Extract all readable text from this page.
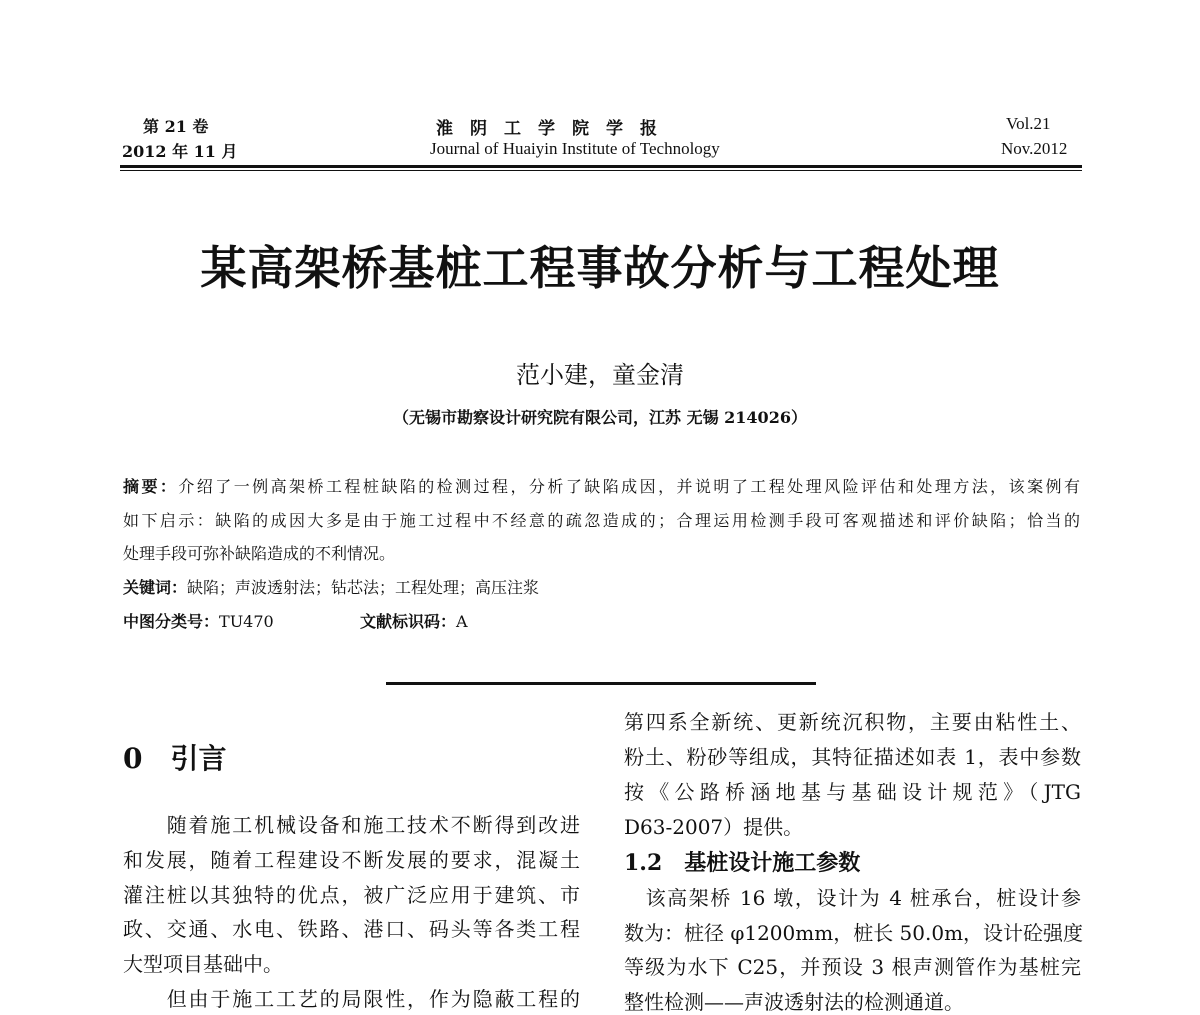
第 21 卷
2012 年 11 月
淮　阴　工　学　院　学　报
Journal of Huaiyin Institute of Technology
Vol.21
Nov.2012
某高架桥基桩工程事故分析与工程处理
范小建，童金清
（无锡市勘察设计研究院有限公司，江苏 无锡 214026）
摘要：介绍了一例高架桥工程桩缺陷的检测过程，分析了缺陷成因，并说明了工程处理风险评估和处理方法，该案例有
如下启示：缺陷的成因大多是由于施工过程中不经意的疏忽造成的；合理运用检测手段可客观描述和评价缺陷；恰当的
处理手段可弥补缺陷造成的不利情况。
关键词：缺陷；声波透射法；钻芯法；工程处理；高压注浆
中图分类号：TU470	文献标识码：A
0　引言
　　随着施工机械设备和施工技术不断得到改进
和发展，随着工程建设不断发展的要求，混凝土
灌注桩以其独特的优点，被广泛应用于建筑、市
政、交通、水电、铁路、港口、码头等各类工程
大型项目基础中。
　　但由于施工工艺的局限性，作为隐蔽工程的
第四系全新统、更新统沉积物，主要由粘性土、
粉土、粉砂等组成，其特征描述如表 1，表中参数
按《公路桥涵地基与基础设计规范》（JTG
D63-2007）提供。
1.2　基桩设计施工参数
　该高架桥 16 墩，设计为 4 桩承台，桩设计参
数为：桩径 φ1200mm，桩长 50.0m，设计砼强度
等级为水下 C25，并预设 3 根声测管作为基桩完
整性检测——声波透射法的检测通道。
